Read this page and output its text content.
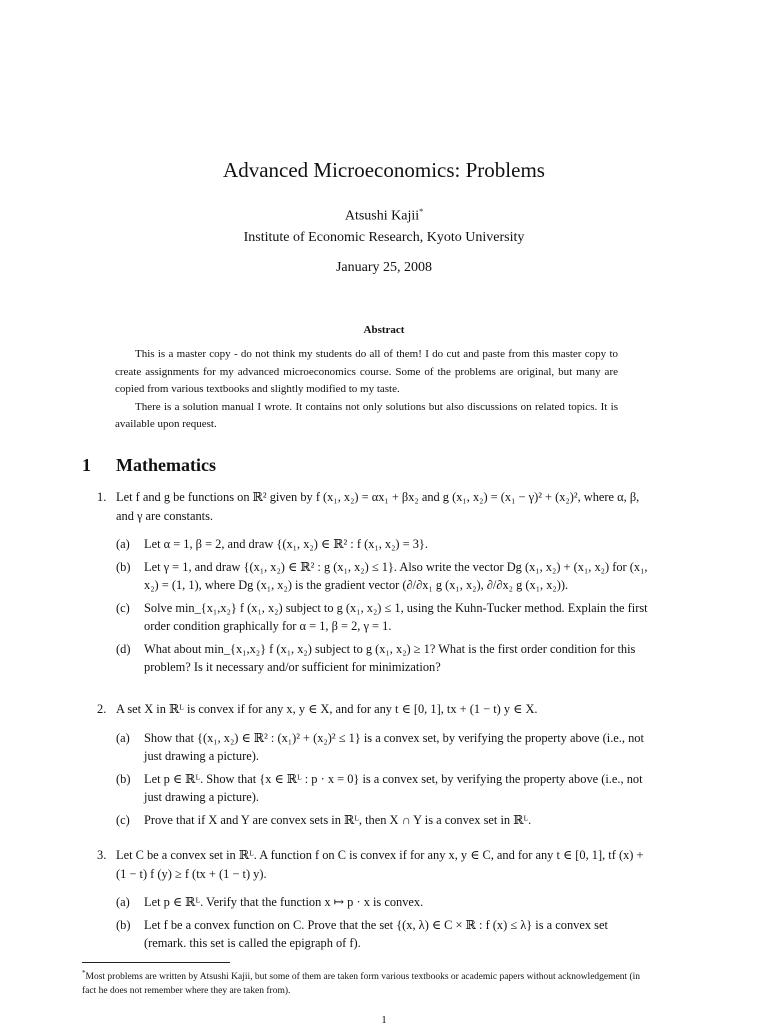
Advanced Microeconomics: Problems
Atsushi Kajii*
Institute of Economic Research, Kyoto University
January 25, 2008
Abstract

This is a master copy - do not think my students do all of them! I do cut and paste from this master copy to create assignments for my advanced microeconomics course. Some of the problems are original, but many are copied from various textbooks and slightly modified to my taste.

There is a solution manual I wrote. It contains not only solutions but also discussions on related topics. It is available upon request.

1 Mathematics
1. Let f and g be functions on ℝ² given by f (x₁, x₂) = αx₁ + βx₂ and g (x₁, x₂) = (x₁ − γ)² + (x₂)², where α, β, and γ are constants.
(a) Let α = 1, β = 2, and draw {(x₁, x₂) ∈ ℝ² : f (x₁, x₂) = 3}.
(b) Let γ = 1, and draw {(x₁, x₂) ∈ ℝ² : g (x₁, x₂) ≤ 1}. Also write the vector Dg (x₁, x₂) + (x₁, x₂) for (x₁, x₂) = (1, 1), where Dg (x₁, x₂) is the gradient vector (∂/∂x₁ g (x₁, x₂), ∂/∂x₂ g (x₁, x₂)).
(c) Solve min_{x₁,x₂} f (x₁, x₂) subject to g (x₁, x₂) ≤ 1, using the Kuhn-Tucker method. Explain the first order condition graphically for α = 1, β = 2, γ = 1.
(d) What about min_{x₁,x₂} f (x₁, x₂) subject to g (x₁, x₂) ≥ 1? What is the first order condition for this problem? Is it necessary and/or sufficient for minimization?
2. A set X in ℝᴸ is convex if for any x, y ∈ X, and for any t ∈ [0, 1], tx + (1 − t) y ∈ X.
(a) Show that {(x₁, x₂) ∈ ℝ² : (x₁)² + (x₂)² ≤ 1} is a convex set, by verifying the property above (i.e., not just drawing a picture).
(b) Let p ∈ ℝᴸ. Show that {x ∈ ℝᴸ : p · x = 0} is a convex set, by verifying the property above (i.e., not just drawing a picture).
(c) Prove that if X and Y are convex sets in ℝᴸ, then X ∩ Y is a convex set in ℝᴸ.
3. Let C be a convex set in ℝᴸ. A function f on C is convex if for any x, y ∈ C, and for any t ∈ [0, 1], tf (x) + (1 − t) f (y) ≥ f (tx + (1 − t) y).
(a) Let p ∈ ℝᴸ. Verify that the function x ↦ p · x is convex.
(b) Let f be a convex function on C. Prove that the set {(x, λ) ∈ C × ℝ : f (x) ≤ λ} is a convex set (remark. this set is called the epigraph of f).
*Most problems are written by Atsushi Kajii, but some of them are taken form various textbooks or academic papers without acknowledgement (in fact he does not remember where they are taken from).
1
